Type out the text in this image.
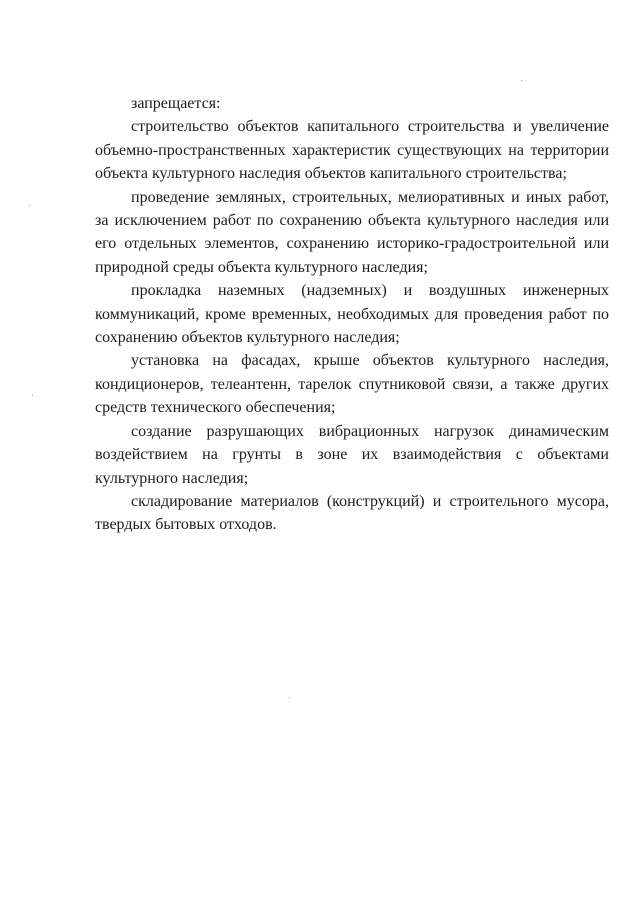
запрещается:

строительство объектов капитального строительства и увеличение объемно-пространственных характеристик существующих на территории объекта культурного наследия объектов капитального строительства;

проведение земляных, строительных, мелиоративных и иных работ, за исключением работ по сохранению объекта культурного наследия или его отдельных элементов, сохранению историко-градостроительной или природной среды объекта культурного наследия;

прокладка наземных (надземных) и воздушных инженерных коммуникаций, кроме временных, необходимых для проведения работ по сохранению объектов культурного наследия;

установка на фасадах, крыше объектов культурного наследия, кондиционеров, телеантенн, тарелок спутниковой связи, а также других средств технического обеспечения;

создание разрушающих вибрационных нагрузок динамическим воздействием на грунты в зоне их взаимодействия с объектами культурного наследия;

складирование материалов (конструкций) и строительного мусора, твердых бытовых отходов.
